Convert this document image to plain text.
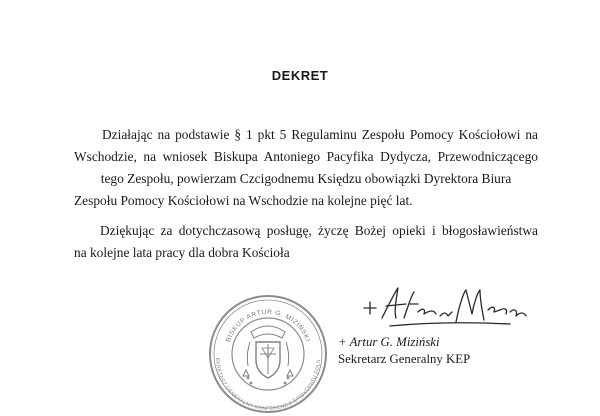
DEKRET
Działając na podstawie § 1 pkt 5 Regulaminu Zespołu Pomocy Kościołowi na
Wschodzie, na wniosek Biskupa Antoniego Pacyfika Dydycza, Przewodniczącego
tego Zespołu, powierzam Czcigodnemu Księdzu obowiązki Dyrektora Biura
Zespołu Pomocy Kościołowi na Wschodzie na kolejne pięć lat.
Dziękując za dotychczasową posługę, życzę Bożej opieki i błogosławieństwa
na kolejne lata pracy dla dobra Kościoła
BISKUP ARTUR G. MIZIŃSKI
EKRETARZ GENERALNY KONFERENCJI EPISKOPATU POLS
+ Artur G. Miziński
Sekretarz Generalny KEP
